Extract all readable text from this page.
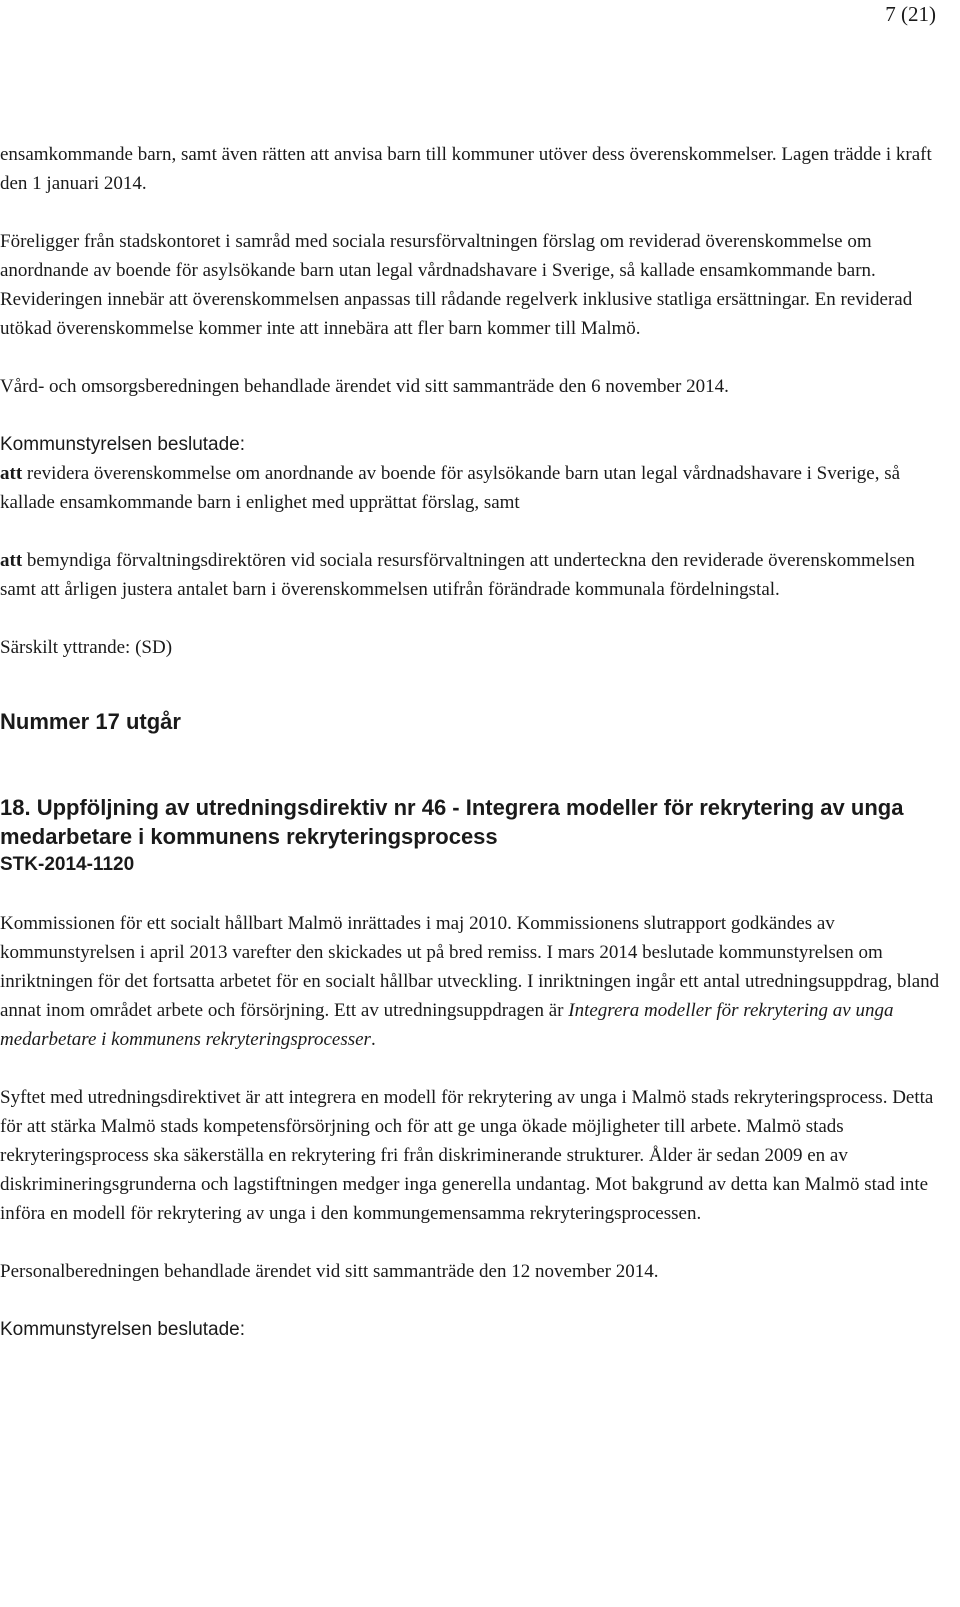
7 (21)

ensamkommande barn, samt även rätten att anvisa barn till kommuner utöver dess överenskommelser. Lagen trädde i kraft den 1 januari 2014.

Föreligger från stadskontoret i samråd med sociala resursförvaltningen förslag om reviderad överenskommelse om anordnande av boende för asylsökande barn utan legal vårdnadshavare i Sverige, så kallade ensamkommande barn. Revideringen innebär att överenskommelsen anpassas till rådande regelverk inklusive statliga ersättningar. En reviderad utökad överenskommelse kommer inte att innebära att fler barn kommer till Malmö.

Vård- och omsorgsberedningen behandlade ärendet vid sitt sammanträde den 6 november 2014.

Kommunstyrelsen beslutade:

att revidera överenskommelse om anordnande av boende för asylsökande barn utan legal vårdnadshavare i Sverige, så kallade ensamkommande barn i enlighet med upprättat förslag, samt

att bemyndiga förvaltningsdirektören vid sociala resursförvaltningen att underteckna den reviderade överenskommelsen samt att årligen justera antalet barn i överenskommelsen utifrån förändrade kommunala fördelningstal.

Särskilt yttrande: (SD)

Nummer 17 utgår

18. Uppföljning av utredningsdirektiv nr 46 - Integrera modeller för rekrytering av unga medarbetare i kommunens rekryteringsprocess

STK-2014-1120

Kommissionen för ett socialt hållbart Malmö inrättades i maj 2010. Kommissionens slutrapport godkändes av kommunstyrelsen i april 2013 varefter den skickades ut på bred remiss. I mars 2014 beslutade kommunstyrelsen om inriktningen för det fortsatta arbetet för en socialt hållbar utveckling. I inriktningen ingår ett antal utredningsuppdrag, bland annat inom området arbete och försörjning. Ett av utredningsuppdragen är Integrera modeller för rekrytering av unga medarbetare i kommunens rekryteringsprocesser.

Syftet med utredningsdirektivet är att integrera en modell för rekrytering av unga i Malmö stads rekryteringsprocess. Detta för att stärka Malmö stads kompetensförsörjning och för att ge unga ökade möjligheter till arbete. Malmö stads rekryteringsprocess ska säkerställa en rekrytering fri från diskriminerande strukturer. Ålder är sedan 2009 en av diskrimineringsgrunderna och lagstiftningen medger inga generella undantag. Mot bakgrund av detta kan Malmö stad inte införa en modell för rekrytering av unga i den kommungemensamma rekryteringsprocessen.

Personalberedningen behandlade ärendet vid sitt sammanträde den 12 november 2014.

Kommunstyrelsen beslutade:
